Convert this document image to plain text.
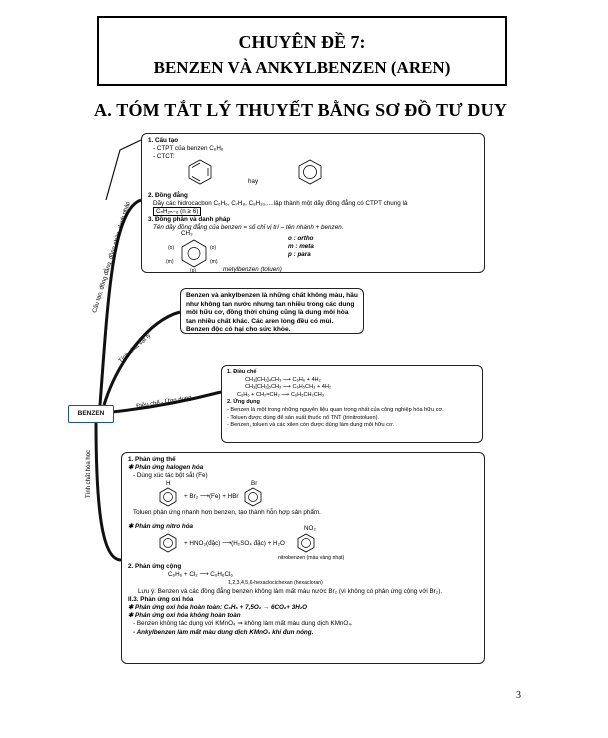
CHUYÊN ĐỀ 7:
BENZEN VÀ ANKYLBENZEN (AREN)
A. TÓM TẮT LÝ THUYẾT BẰNG SƠ ĐỒ TƯ DUY
Cấu tạo, đồng đẳng, đồng phân, danh pháp
Tính chất vật lý
Điều chế - Ứng dụng
Tính chất hóa học
BENZEN
1. Cấu tạo
- CTPT của benzen C₆H₆
- CTCT:
hay
2. Đồng đẳng
Dãy các hidrocacbon C₆H₆, C₇H₈, C₈H₁₀,....lập thành một dãy đồng đẳng có CTPT chung là
CₙH₂ₙ₋₆ (n ≥ 6)
3. Đồng phân và danh pháp
Tên dãy đồng đẳng của benzen = số chỉ vị trí – tên nhánh + benzen.
CH₃
(o)	(o)
(m)	(m)
(p)
o : ortho
m : meta
p : para
metylbenzen (toluen)
Benzen và ankylbenzen là những chất không màu, hầu như không tan nước nhưng tan nhiều trong các dung môi hữu cơ, đồng thời chúng cũng là dung môi hòa tan nhiều chất khác. Các aren lỏng đều có mùi. Benzen độc có hại cho sức khỏe.
1. Điều chế
CH₃[CH₂]₄CH₃ ⟶ C₆H₆ + 4H₂
CH₃[CH₂]₅CH₃ ⟶ C₆H₅CH₃ + 4H₂
C₆H₆ + CH₂=CH₂ ⟶ C₆H₅CH₂CH₃
2. Ứng dụng
- Benzen là một trong những nguyên liệu quan trọng nhất của công nghiệp hóa hữu cơ.
- Toluen được dùng để sản xuất thuốc nổ TNT (trinitrotoluen).
- Benzen, toluen và các xilen còn được dùng làm dung môi hữu cơ.
1. Phản ứng thế
✱ Phản ứng halogen hóa
- Dùng xúc tác bột sắt (Fe)
H
+ Br₂ ⟶(Fe) + HBr
Br
Toluen phản ứng nhanh hơn benzen, tạo thành hỗn hợp sản phẩm.
✱ Phản ứng nitro hóa
+ HNO₃(đặc) ⟶(H₂SO₄ đặc) + H₂O
NO₂
nitrobenzen (màu vàng nhạt)
2. Phản ứng cộng
C₆H₆ + Cl₂ ⟶ C₆H₆Cl₆
1,2,3,4,5,6-hexaclocichexan (hexacloran)
Lưu ý: Benzen và các đồng đẳng benzen không làm mất màu nước Br₂ (vì không có phản ứng cộng với Br₂).
II.3. Phản ứng oxi hóa
✱ Phản ứng oxi hóa hoàn toàn: C₆H₆ + 7,5O₂ → 6CO₂+ 3H₂O
✱ Phản ứng oxi hóa không hoàn toàn
- Benzen không tác dụng với KMnO₄ ⇒ không làm mất màu dung dịch KMnO₄.
- Ankylbenzen làm mất màu dung dịch KMnO₄ khi đun nóng.
3
